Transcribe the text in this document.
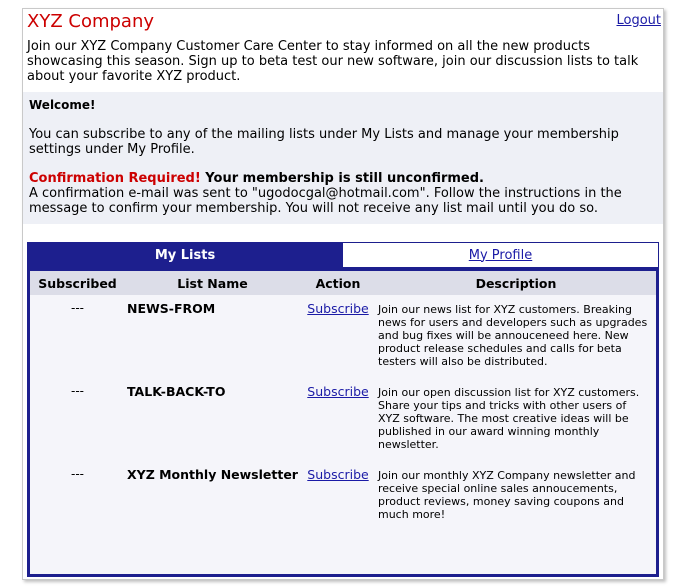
XYZ Company	Logout
Join our XYZ Company Customer Care Center to stay informed on all the new products showcasing this season. Sign up to beta test our new software, join our discussion lists to talk about your favorite XYZ product.
Welcome!
You can subscribe to any of the mailing lists under My Lists and manage your membership settings under My Profile.
Confirmation Required! Your membership is still unconfirmed.
A confirmation e-mail was sent to "ugodocgal@hotmail.com". Follow the instructions in the message to confirm your membership. You will not receive any list mail until you do so.
My Lists	My Profile
Subscribed	List Name	Action	Description
---	NEWS-FROM	Subscribe	Join our news list for XYZ customers. Breaking news for users and developers such as upgrades and bug fixes will be annouceneed here. New product release schedules and calls for beta testers will also be distributed.
---	TALK-BACK-TO	Subscribe	Join our open discussion list for XYZ customers. Share your tips and tricks with other users of XYZ software. The most creative ideas will be published in our award winning monthly newsletter.
---	XYZ Monthly Newsletter	Subscribe	Join our monthly XYZ Company newsletter and receive special online sales annoucements, product reviews, money saving coupons and much more!
